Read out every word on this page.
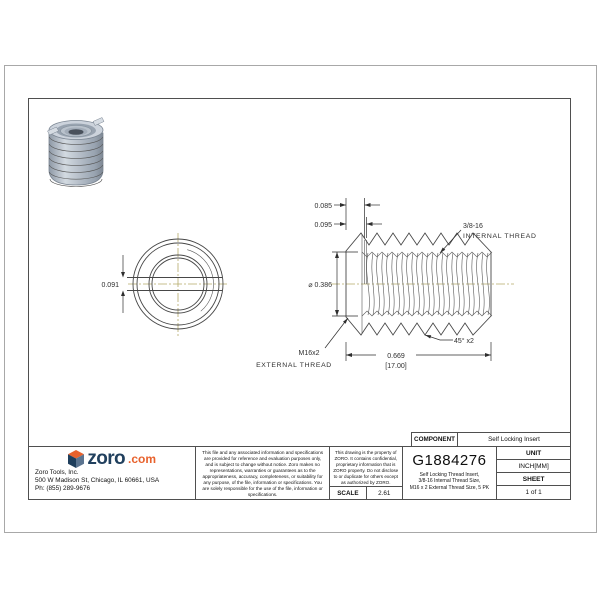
0.091
0.085
0.095
⌀ 0.386
3/8-16
INTERNAL THREAD
M16x2
EXTERNAL THREAD
0.669
[17.00]
45° x2
COMPONENT	Self Locking Insert
zoro .com
Zoro Tools, Inc.
500 W Madison St, Chicago, IL 60661, USA
Ph: (855) 289-9676
This file and any associated information and specifications are provided for reference and evaluation purposes only, and is subject to change without notice. Zoro makes no representations, warranties or guarantees as to the appropriateness, accuracy, completeness, or suitability for any purpose, of the file, information or specifications. You are solely responsible for the use of the file, information or specifications.
This drawing is the property of ZORO. It contains confidential, proprietary information that is ZORO property. Do not disclose to or duplicate for others except as authorized by ZORO.
SCALE	2.61
G1884276
Self Locking Thread Insert,
3/8-16 Internal Thread Size,
M16 x 2 External Thread Size, 5 PK
UNIT
INCH[MM]
SHEET
1 of 1
